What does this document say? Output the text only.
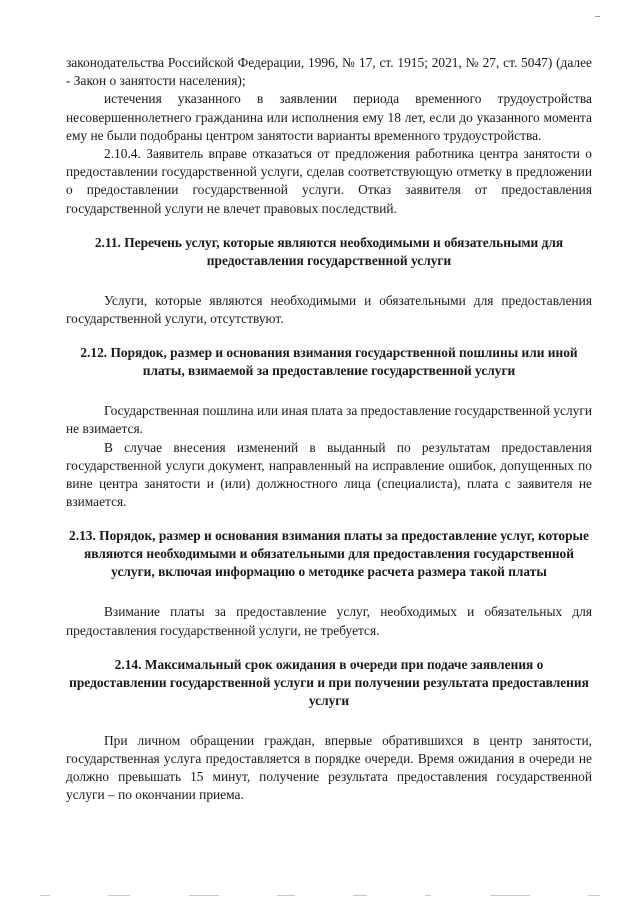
законодательства Российской Федерации, 1996, № 17, ст. 1915; 2021, № 27, ст. 5047) (далее - Закон о занятости населения);

истечения указанного в заявлении периода временного трудоустройства несовершеннолетнего гражданина или исполнения ему 18 лет, если до указанного момента ему не были подобраны центром занятости варианты временного трудоустройства.

2.10.4. Заявитель вправе отказаться от предложения работника центра занятости о предоставлении государственной услуги, сделав соответствующую отметку в предложении о предоставлении государственной услуги. Отказ заявителя от предоставления государственной услуги не влечет правовых последствий.

2.11. Перечень услуг, которые являются необходимыми и обязательными для предоставления государственной услуги

Услуги, которые являются необходимыми и обязательными для предоставления государственной услуги, отсутствуют.

2.12. Порядок, размер и основания взимания государственной пошлины или иной платы, взимаемой за предоставление государственной услуги

Государственная пошлина или иная плата за предоставление государственной услуги не взимается.

В случае внесения изменений в выданный по результатам предоставления государственной услуги документ, направленный на исправление ошибок, допущенных по вине центра занятости и (или) должностного лица (специалиста), плата с заявителя не взимается.

2.13. Порядок, размер и основания взимания платы за предоставление услуг, которые являются необходимыми и обязательными для предоставления государственной услуги, включая информацию о методике расчета размера такой платы

Взимание платы за предоставление услуг, необходимых и обязательных для предоставления государственной услуги, не требуется.

2.14. Максимальный срок ожидания в очереди при подаче заявления о предоставлении государственной услуги и при получении результата предоставления услуги

При личном обращении граждан, впервые обратившихся в центр занятости, государственная услуга предоставляется в порядке очереди. Время ожидания в очереди не должно превышать 15 минут, получение результата предоставления государственной услуги – по окончании приема.
